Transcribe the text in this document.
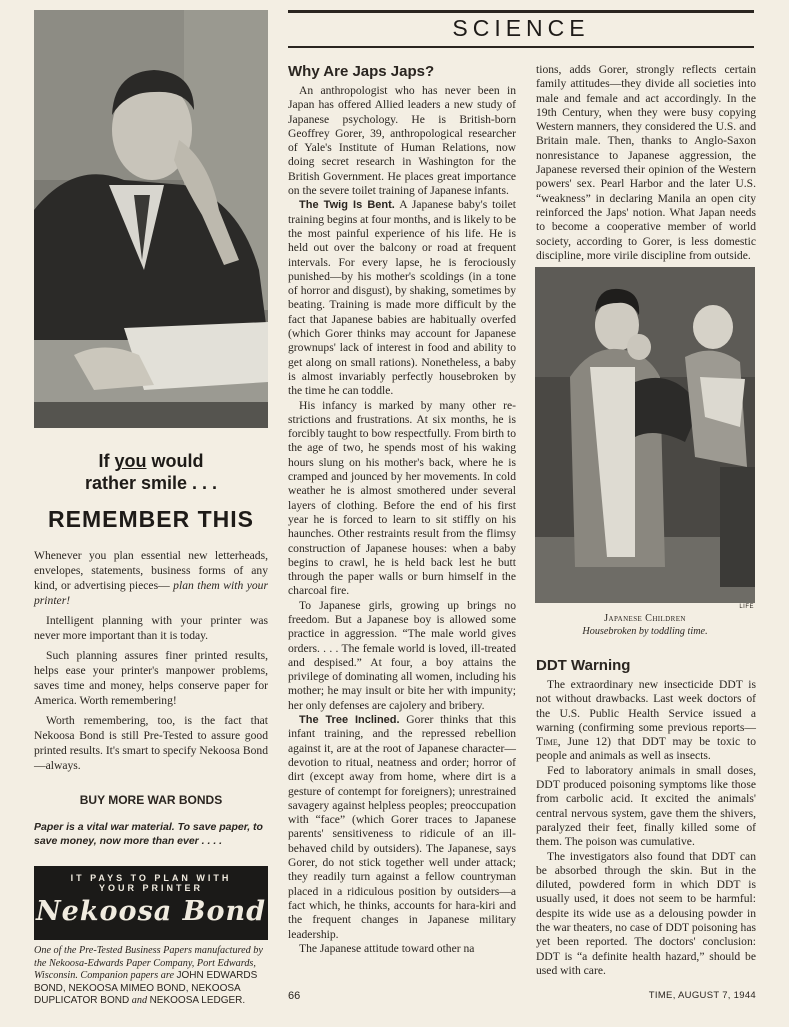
If you would
rather smile . . .
REMEMBER THIS

Whenever you plan essential new letterheads, envelopes, statements, business forms of any kind, or advertising pieces— plan them with your printer!

Intelligent planning with your printer was never more important than it is today.

Such planning assures finer printed results, helps ease your printer's manpower problems, saves time and money, helps conserve paper for America. Worth remembering!

Worth remembering, too, is the fact that Nekoosa Bond is still Pre-Tested to assure good printed results. It's smart to specify Nekoosa Bond—always.

BUY MORE WAR BONDS
Paper is a vital war material. To save paper, to save money, now more than ever . . . .
IT PAYS TO PLAN WITH
YOUR PRINTER
Nekoosa Bond
One of the Pre-Tested Business Papers manufactured by the Nekoosa-Edwards Paper Company, Port Edwards, Wisconsin. Companion papers are JOHN EDWARDS BOND, NEKOOSA MIMEO BOND, NEKOOSA DUPLICATOR BOND and NEKOOSA LEDGER.
SCIENCE
Why Are Japs Japs?

An anthropologist who has never been in Japan has offered Allied leaders a new study of Japanese psychology. He is British-born Geoffrey Gorer, 39, anthropological researcher of Yale's Institute of Human Relations, now doing secret research in Washington for the British Government. He places great importance on the severe toilet training of Japanese infants.

The Twig Is Bent. A Japanese baby's toilet training begins at four months, and is likely to be the most painful experience of his life. He is held out over the balcony or road at frequent intervals. For every lapse, he is ferociously punished—by his mother's scoldings (in a tone of horror and disgust), by shaking, sometimes by beating. Training is made more difficult by the fact that Japanese babies are habitually overfed (which Gorer thinks may account for Japanese grownups' lack of interest in food and ability to get along on small rations). Nonetheless, a baby is almost invariably perfectly housebroken by the time he can toddle.

His infancy is marked by many other restrictions and frustrations. At six months, he is forcibly taught to bow respectfully. From birth to the age of two, he spends most of his waking hours slung on his mother's back, where he is cramped and jounced by her movements. In cold weather he is almost smothered under several layers of clothing. Before the end of his first year he is forced to learn to sit stiffly on his haunches. Other restraints result from the flimsy construction of Japanese houses: when a baby begins to crawl, he is held back lest he butt through the paper walls or burn himself in the charcoal fire.

To Japanese girls, growing up brings no freedom. But a Japanese boy is allowed some practice in aggression. “The male world gives orders. . . . The female world is loved, ill-treated and despised.” At four, a boy attains the privilege of dominating all women, including his mother; he may insult or bite her with impunity; her only defenses are cajolery and bribery.

The Tree Inclined. Gorer thinks that this infant training, and the repressed rebellion against it, are at the root of Japanese character—devotion to ritual, neatness and order; horror of dirt (except away from home, where dirt is a gesture of contempt for foreigners); unrestrained savagery against helpless peoples; preoccupation with “face” (which Gorer traces to Japanese parents' sensitiveness to ridicule of an ill-behaved child by outsiders). The Japanese, says Gorer, do not stick together well under attack; they readily turn against a fellow countryman placed in a ridiculous position by outsiders—a fact which, he thinks, accounts for hara-kiri and the frequent changes in Japanese military leadership.

The Japanese attitude toward other na

tions, adds Gorer, strongly reflects certain family attitudes—they divide all societies into male and female and act accordingly. In the 19th Century, when they were busy copying Western manners, they considered the U.S. and Britain male. Then, thanks to Anglo-Saxon nonresistance to Japanese aggression, the Japanese reversed their opinion of the Western powers' sex. Pearl Harbor and the later U.S. “weakness” in declaring Manila an open city reinforced the Japs' notion. What Japan needs to become a cooperative member of world society, according to Gorer, is less domestic discipline, more virile discipline from outside.

LIFE
Japanese Children
Housebroken by toddling time.
DDT Warning

The extraordinary new insecticide DDT is not without drawbacks. Last week doctors of the U.S. Public Health Service issued a warning (confirming some previous reports—Time, June 12) that DDT may be toxic to people and animals as well as insects.

Fed to laboratory animals in small doses, DDT produced poisoning symptoms like those from carbolic acid. It excited the animals' central nervous system, gave them the shivers, paralyzed their feet, finally killed some of them. The poison was cumulative.

The investigators also found that DDT can be absorbed through the skin. But in the diluted, powdered form in which DDT is usually used, it does not seem to be harmful: despite its wide use as a delousing powder in the war theaters, no case of DDT poisoning has yet been reported. The doctors' conclusion: DDT is “a definite health hazard,” should be used with care.

66	TIME, AUGUST 7, 1944
